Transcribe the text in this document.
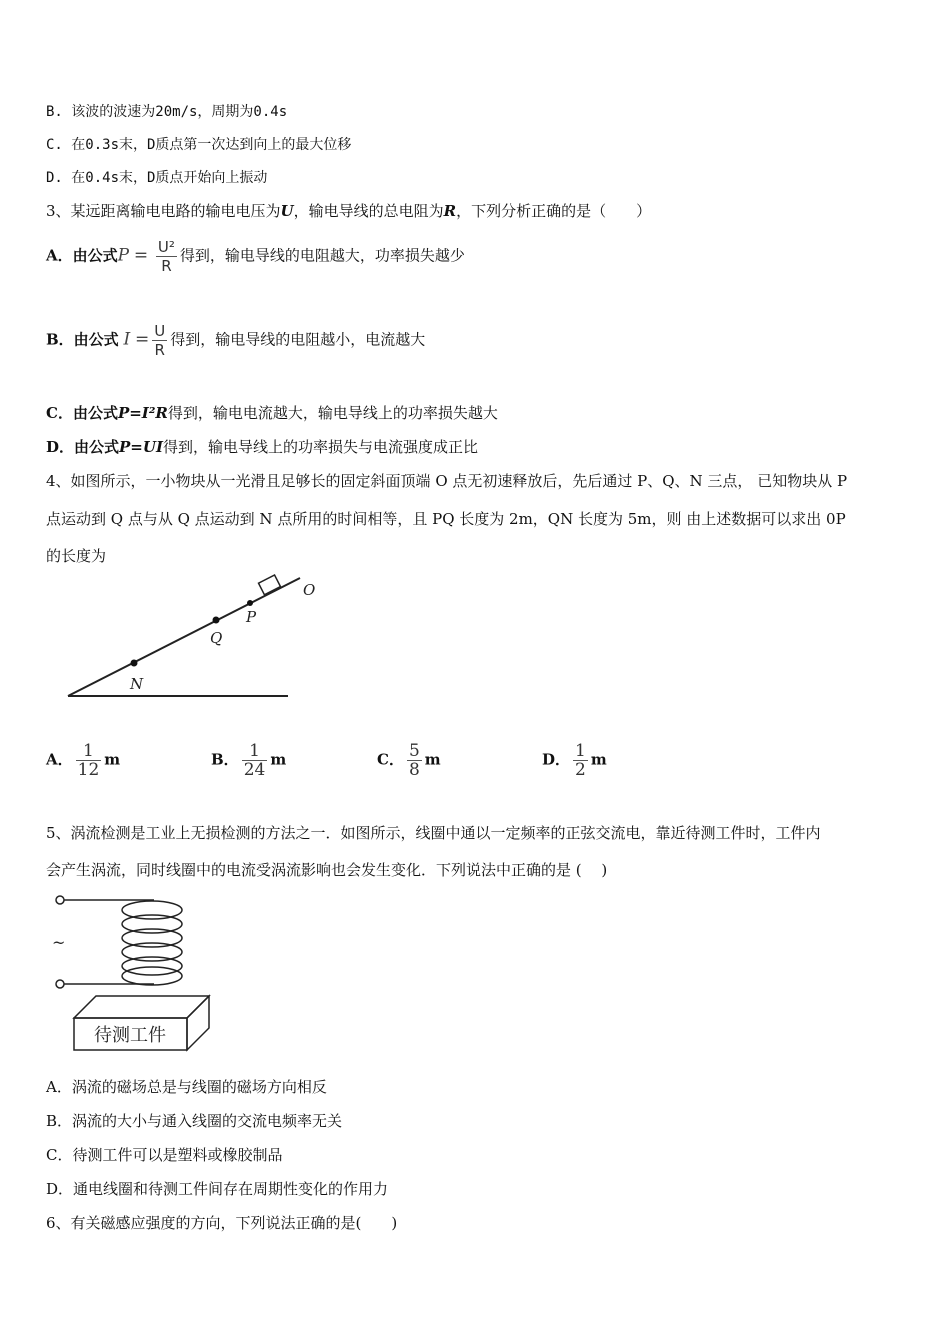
B. 该波的波速为20m/s，周期为0.4s
C. 在0.3s末，D质点第一次达到向上的最大位移
D. 在0.4s末，D质点开始向上振动
3、某远距离输电电路的输电电压为U，输电导线的总电阻为R，下列分析正确的是（　　）
A．由公式$P = \frac{\text{U²}}{R}$ 得到，输电导线的电阻越大，功率损失越少
B．由公式 $I = \frac{U}{R}$ 得到，输电导线的电阻越小，电流越大
C．由公式P=I²R得到，输电电流越大，输电导线上的功率损失越大
D．由公式P=UI得到，输电导线上的功率损失与电流强度成正比
4、如图所示，一小物块从一光滑且足够长的固定斜面顶端 O 点无初速释放后，先后通过 P、Q、N 三点， 已知物块从 P
点运动到 Q 点与从 Q 点运动到 N 点所用的时间相等，且 PQ 长度为 2m，QN 长度为 5m，则 由上述数据可以求出 0P
的长度为
O
P
Q
N
A． $\frac{1}{12}$ m	B． $\frac{1}{24}$ m	C． $\frac{5}{8}$ m	D． $\frac{1}{2}$ m
5、涡流检测是工业上无损检测的方法之一．如图所示，线圈中通以一定频率的正弦交流电，靠近待测工件时，工件内
会产生涡流，同时线圈中的电流受涡流影响也会发生变化．下列说法中正确的是 (　 )
~
待测工件
A．涡流的磁场总是与线圈的磁场方向相反
B．涡流的大小与通入线圈的交流电频率无关
C．待测工件可以是塑料或橡胶制品
D．通电线圈和待测工件间存在周期性变化的作用力
6、有关磁感应强度的方向，下列说法正确的是(　　)
